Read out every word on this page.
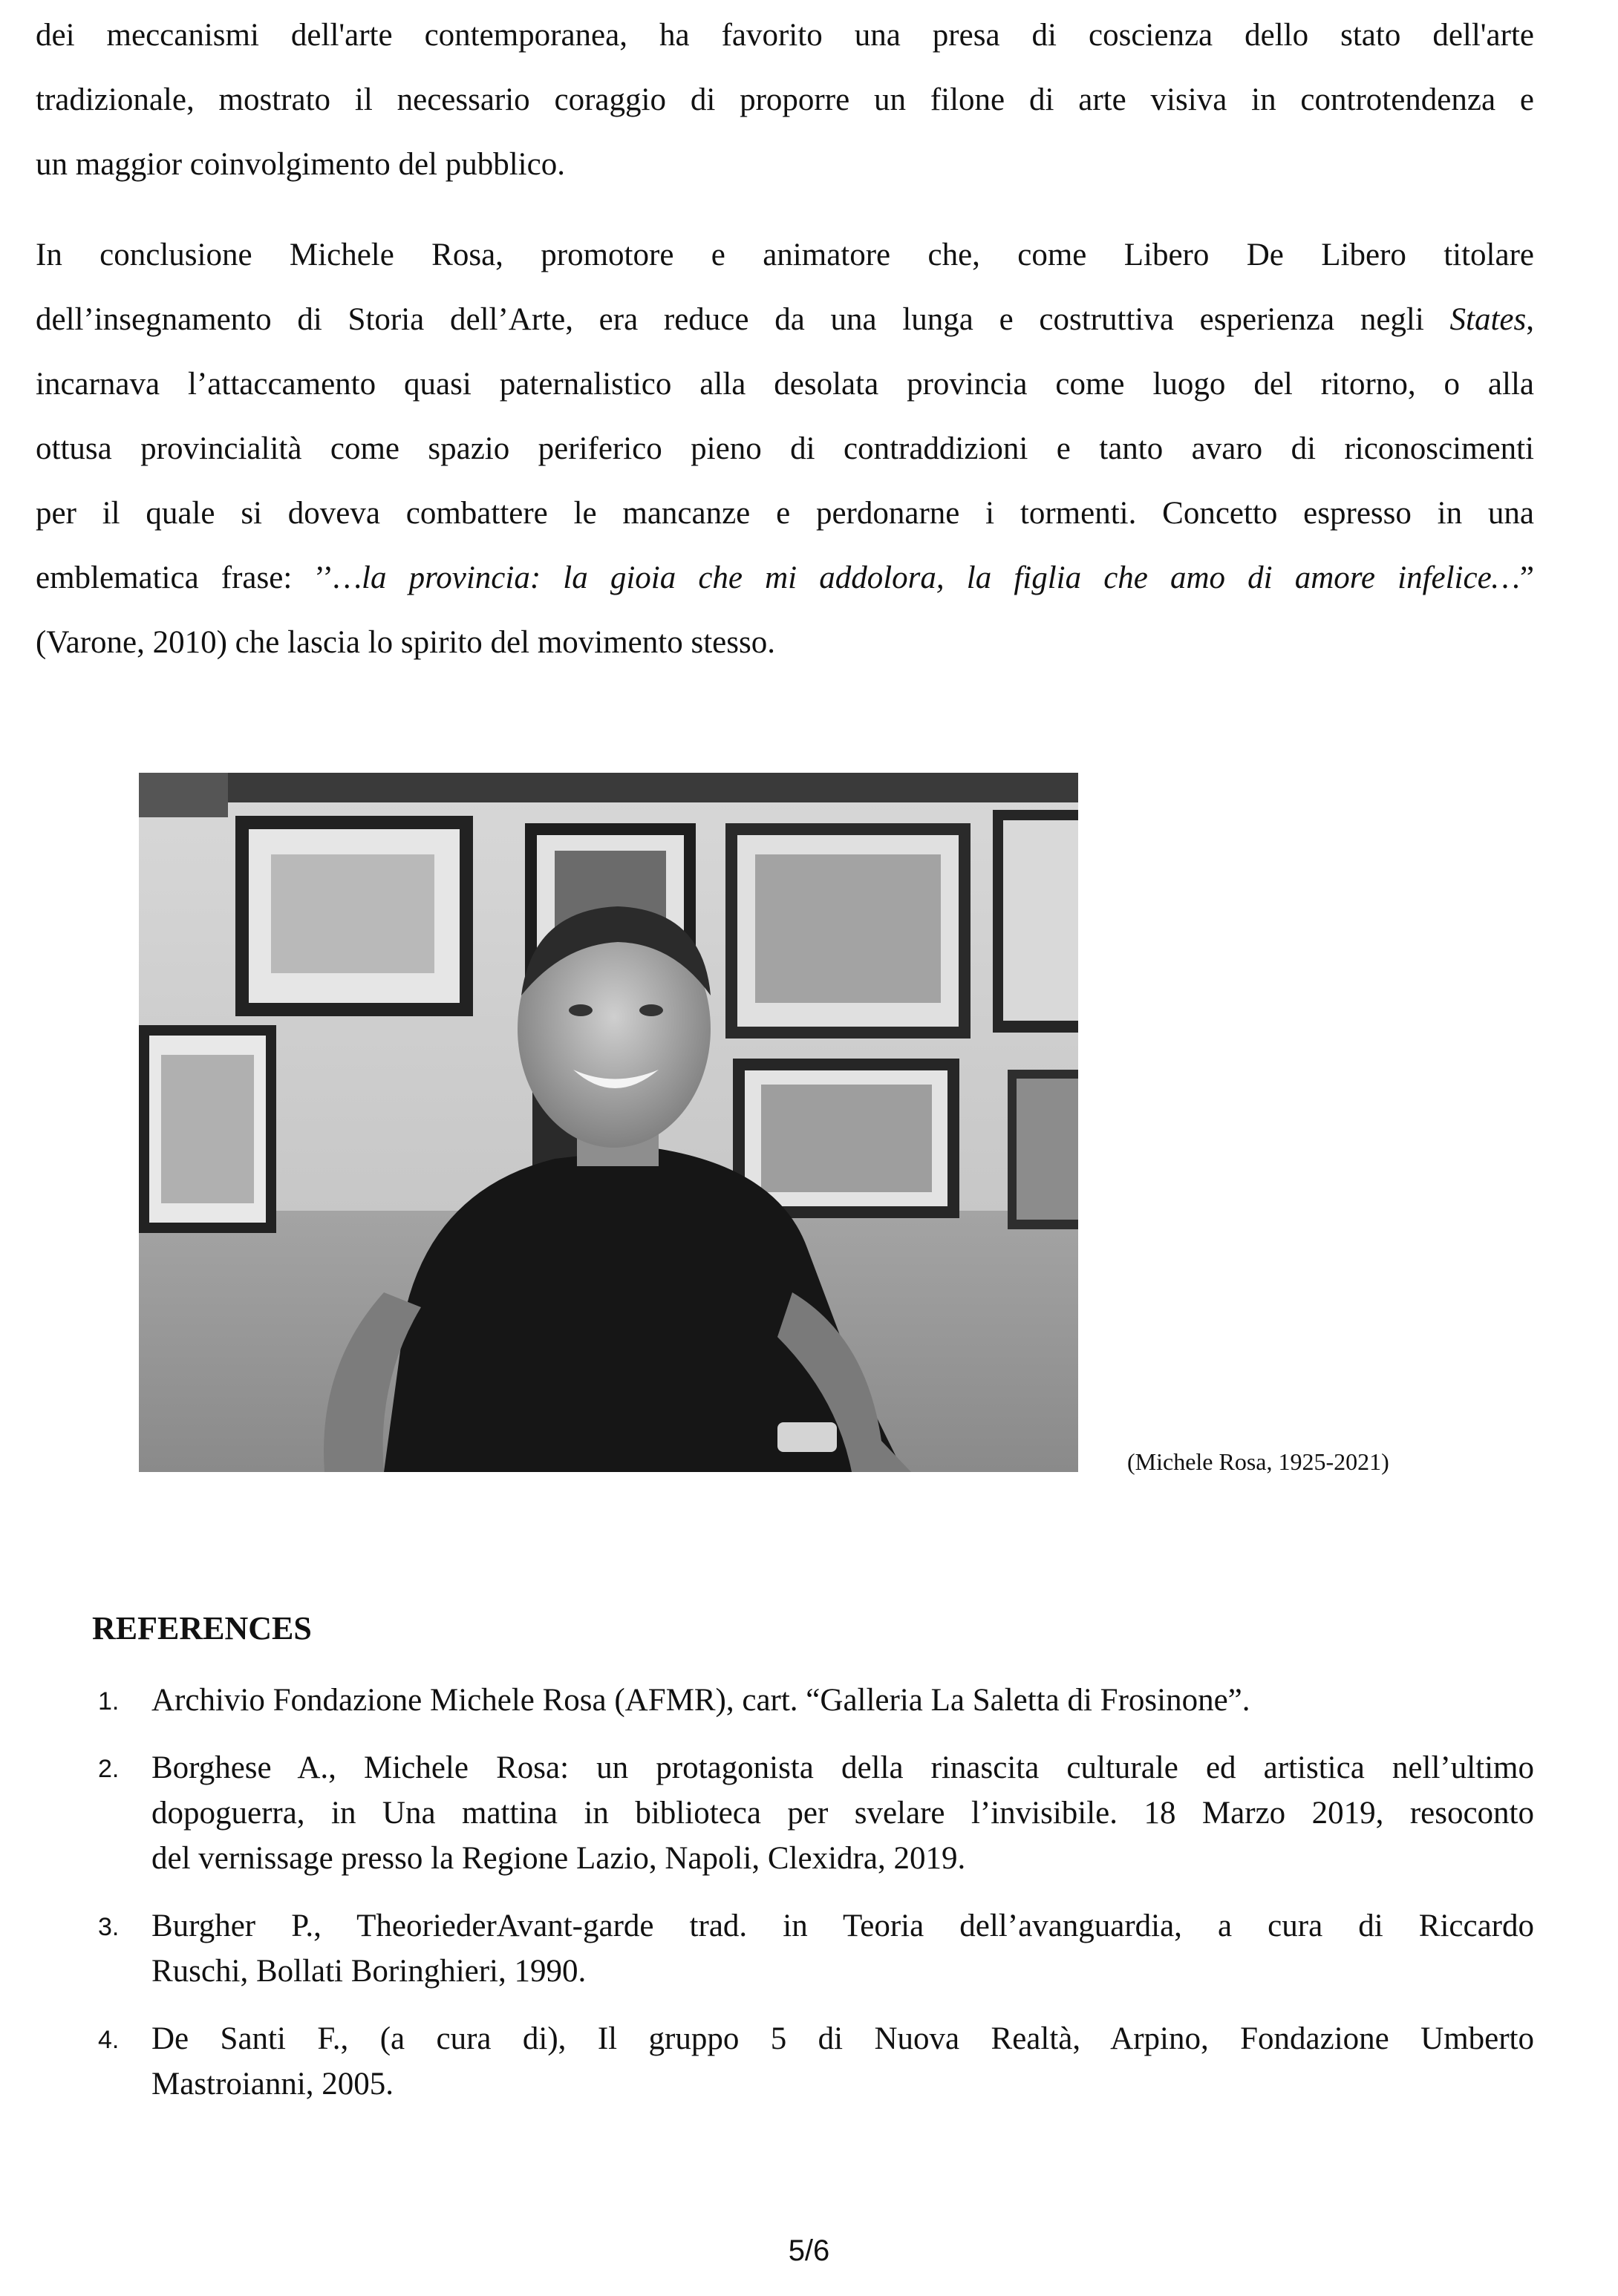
dei meccanismi dell'arte contemporanea, ha favorito una presa di coscienza dello stato dell'arte
tradizionale, mostrato il necessario coraggio di proporre un filone di arte visiva in controtendenza e
un maggior coinvolgimento del pubblico.
In conclusione Michele Rosa, promotore e animatore che, come Libero De Libero titolare
dell’insegnamento di Storia dell’Arte, era reduce da una lunga e costruttiva esperienza negli States,
incarnava l’attaccamento quasi paternalistico alla desolata provincia come luogo del ritorno, o alla
ottusa provincialità come spazio periferico pieno di contraddizioni e tanto avaro di riconoscimenti
per il quale si doveva combattere le mancanze e perdonarne i tormenti. Concetto espresso in una
emblematica frase: ’’…la provincia: la gioia che mi addolora, la figlia che amo di amore infelice…”
(Varone, 2010) che lascia lo spirito del movimento stesso.
(Michele Rosa, 1925-2021)
REFERENCES
1. Archivio Fondazione Michele Rosa (AFMR), cart. “Galleria La Saletta di Frosinone”.
2. Borghese A., Michele Rosa: un protagonista della rinascita culturale ed artistica nell’ultimo
dopoguerra, in Una mattina in biblioteca per svelare l’invisibile. 18 Marzo 2019, resoconto
del vernissage presso la Regione Lazio, Napoli, Clexidra, 2019.
3. Burgher P., TheoriederAvant-garde trad. in Teoria dell’avanguardia, a cura di Riccardo
Ruschi, Bollati Boringhieri, 1990.
4. De Santi F., (a cura di), Il gruppo 5 di Nuova Realtà, Arpino, Fondazione Umberto
Mastroianni, 2005.
5/6
